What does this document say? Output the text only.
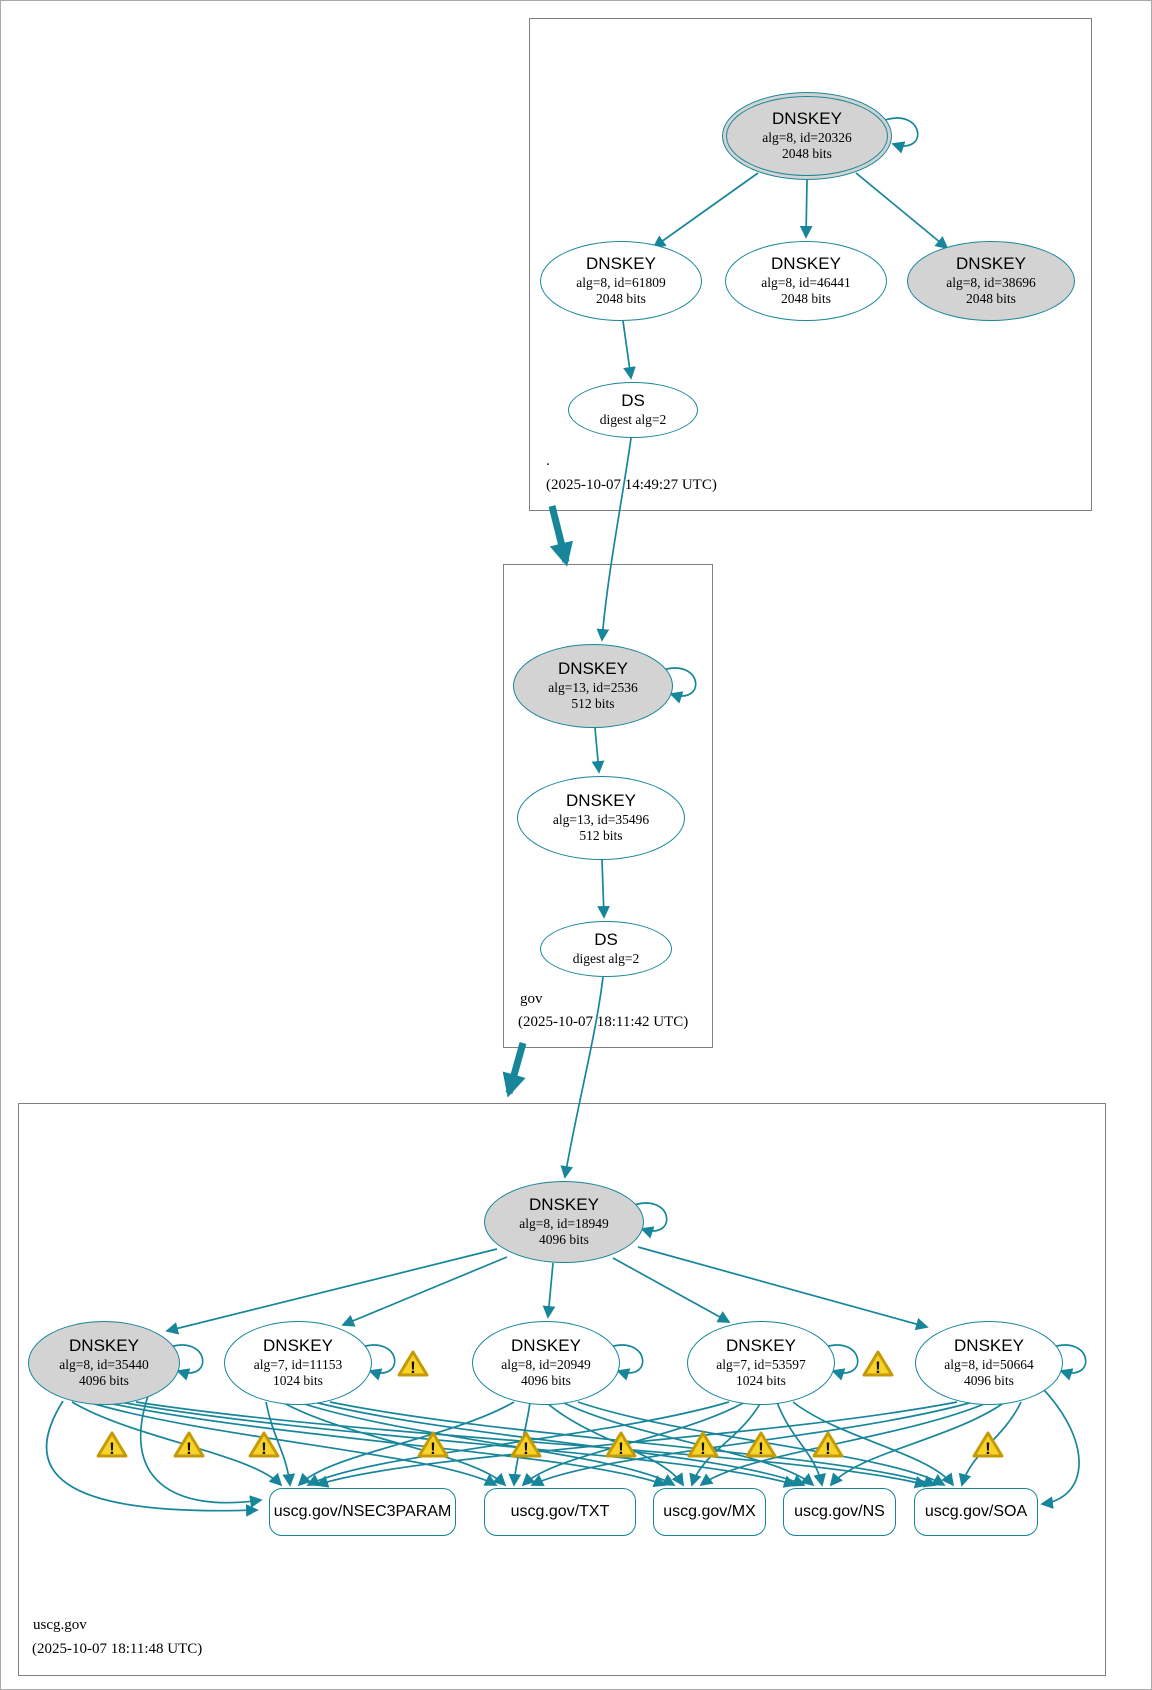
DNSKEY
alg=8, id=20326
2048 bits
DNSKEY
alg=8, id=61809
2048 bits
DNSKEY
alg=8, id=46441
2048 bits
DNSKEY
alg=8, id=38696
2048 bits
DS
digest alg=2
.
(2025-10-07 14:49:27 UTC)
DNSKEY
alg=13, id=2536
512 bits
DNSKEY
alg=13, id=35496
512 bits
DS
digest alg=2
gov
(2025-10-07 18:11:42 UTC)
DNSKEY
alg=8, id=18949
4096 bits
DNSKEY
alg=8, id=35440
4096 bits
DNSKEY
alg=7, id=11153
1024 bits
DNSKEY
alg=8, id=20949
4096 bits
DNSKEY
alg=7, id=53597
1024 bits
DNSKEY
alg=8, id=50664
4096 bits
uscg.gov/NSEC3PARAM	uscg.gov/TXT	uscg.gov/MX uscg.gov/NS	uscg.gov/SOA
uscg.gov
(2025-10-07 18:11:48 UTC)
!	!
!	!	!	!	!	!	!	!	!	!
